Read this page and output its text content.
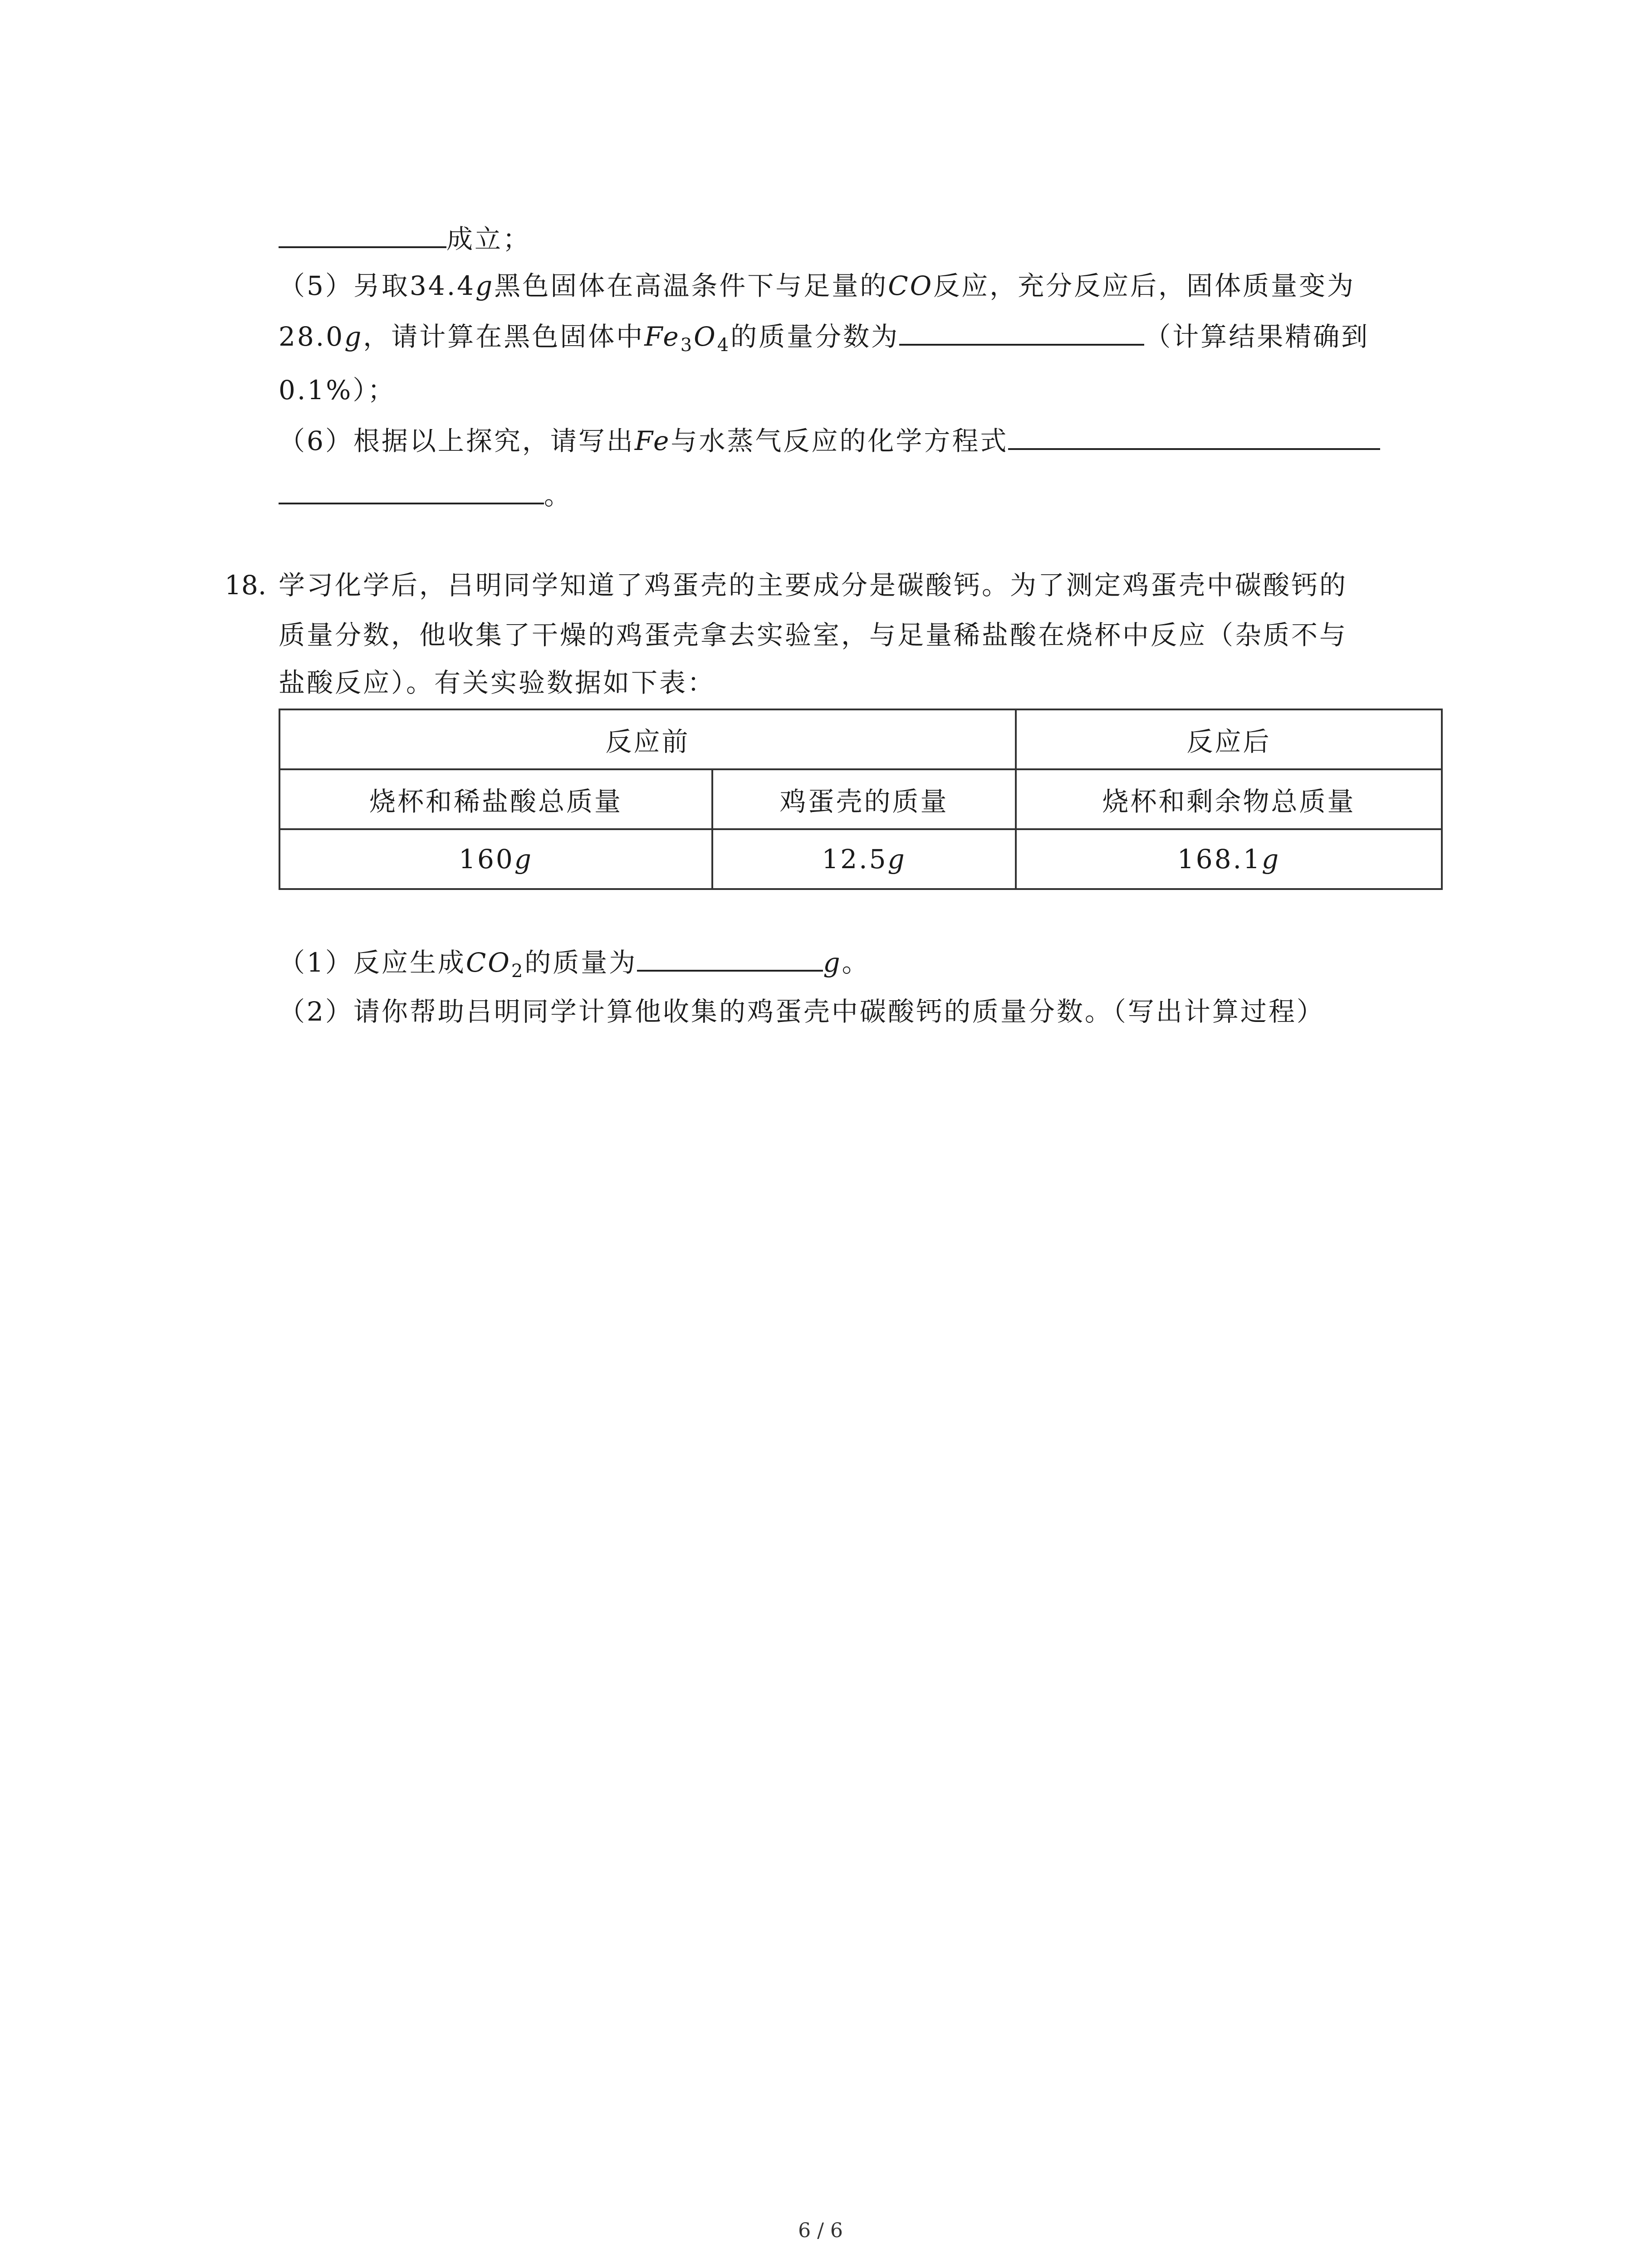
成立；
（5）另取34.4g黑色固体在高温条件下与足量的CO反应，充分反应后，固体质量变为
28.0g，请计算在黑色固体中$Fe_3O_4$的质量分数为	（计算结果精确到
0.1%）；
（6）根据以上探究，请写出Fe与水蒸气反应的化学方程式
。
18. 学习化学后，吕明同学知道了鸡蛋壳的主要成分是碳酸钙。为了测定鸡蛋壳中碳酸钙的
质量分数，他收集了干燥的鸡蛋壳拿去实验室，与足量稀盐酸在烧杯中反应（杂质不与
盐酸反应）。有关实验数据如下表：
反应前		反应后
烧杯和稀盐酸总质量	鸡蛋壳的质量	烧杯和剩余物总质量
160g	12.5g	168.1g
（1）反应生成$CO_2$的质量为	g。
（2）请你帮助吕明同学计算他收集的鸡蛋壳中碳酸钙的质量分数。（写出计算过程）
6 / 6
